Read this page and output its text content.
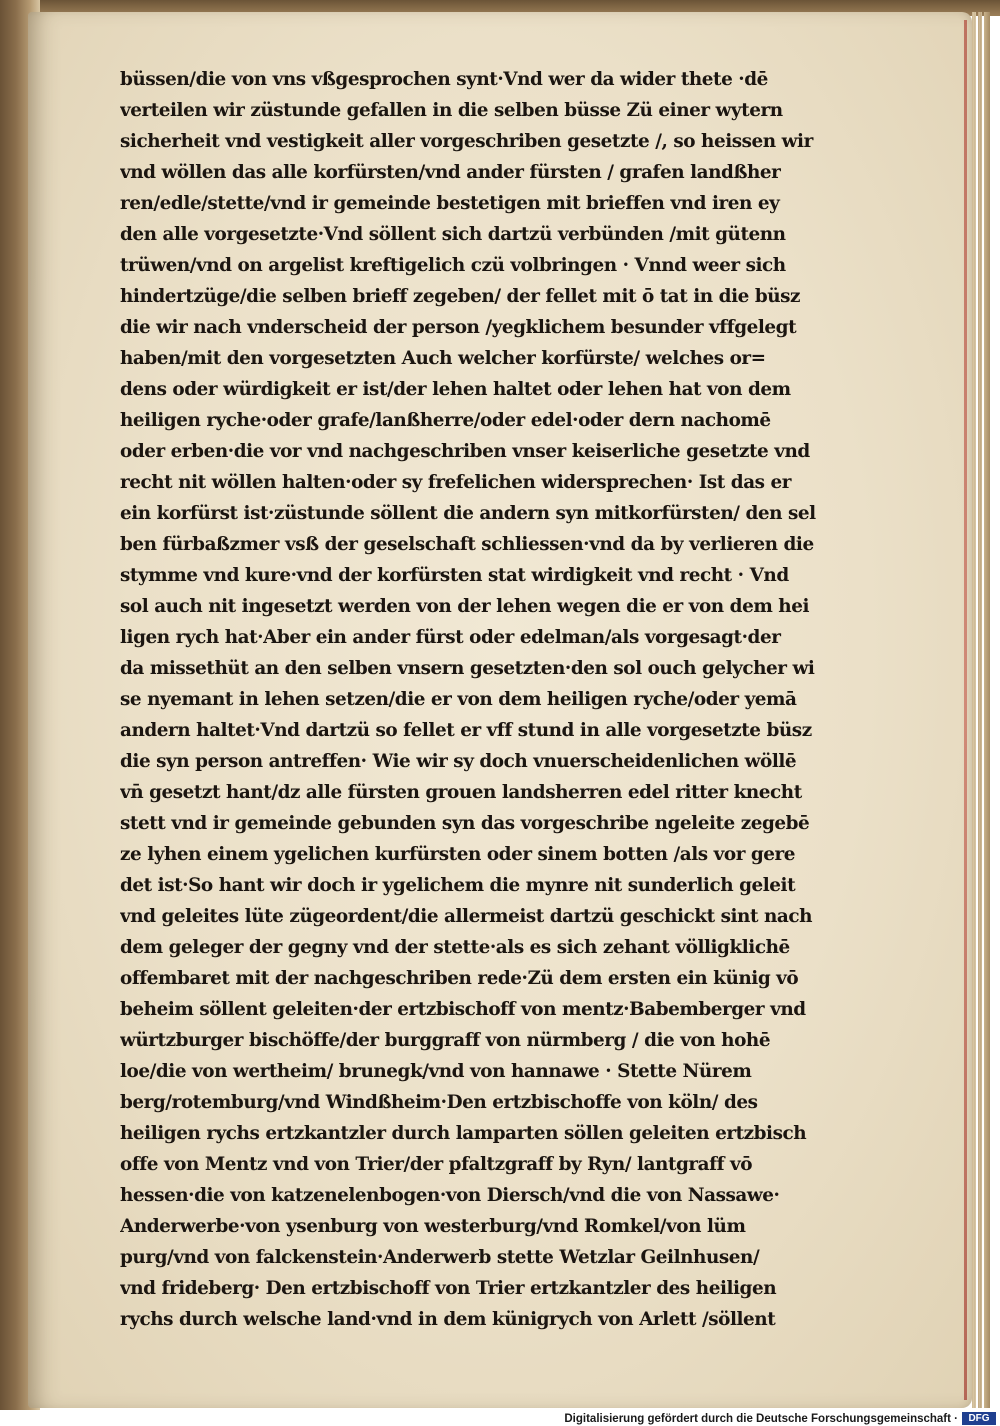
büssen/die von vns vßgesprochen synt·Vnd wer da wider thete ·dē
verteilen wir züstunde gefallen in die selben büsse Zü einer wytern
sicherheit vnd vestigkeit aller vorgeschriben gesetzte /, so heissen wir
vnd wöllen das alle korfürsten/vnd ander fürsten / grafen landßher
ren/edle/stette/vnd ir gemeinde bestetigen mit brieffen vnd iren ey
den alle vorgesetzte·Vnd söllent sich dartzü verbünden /mit gütenn
trüwen/vnd on argelist kreftigelich czü volbringen · Vnnd weer sich
hindertzüge/die selben brieff zegeben/ der fellet mit ō tat in die büsz
die wir nach vnderscheid der person /yegklichem besunder vffgelegt
haben/mit den vorgesetzten Auch welcher korfürste/ welches or=
dens oder würdigkeit er ist/der lehen haltet oder lehen hat von dem
heiligen ryche·oder grafe/lanßherre/oder edel·oder dern nachomē
oder erben·die vor vnd nachgeschriben vnser keiserliche gesetzte vnd
recht nit wöllen halten·oder sy frefelichen widersprechen· Ist das er
ein korfürst ist·züstunde söllent die andern syn mitkorfürsten/ den sel
ben fürbaßzmer vsß der geselschaft schliessen·vnd da by verlieren die
stymme vnd kure·vnd der korfürsten stat wirdigkeit vnd recht · Vnd
sol auch nit ingesetzt werden von der lehen wegen die er von dem hei
ligen rych hat·Aber ein ander fürst oder edelman/als vorgesagt·der
da missethüt an den selben vnsern gesetzten·den sol ouch gelycher wi
se nyemant in lehen setzen/die er von dem heiligen ryche/oder yemā
andern haltet·Vnd dartzü so fellet er vff stund in alle vorgesetzte büsz
die syn person antreffen· Wie wir sy doch vnuerscheidenlichen wöllē
vn̄ gesetzt hant/dz alle fürsten grouen landsherren edel ritter knecht
stett vnd ir gemeinde gebunden syn das vorgeschribe ngeleite zegebē
ze lyhen einem ygelichen kurfürsten oder sinem botten /als vor gere
det ist·So hant wir doch ir ygelichem die mynre nit sunderlich geleit
vnd geleites lüte zügeordent/die allermeist dartzü geschickt sint nach
dem geleger der gegny vnd der stette·als es sich zehant völligklichē
offembaret mit der nachgeschriben rede·Zü dem ersten ein künig vō
beheim söllent geleiten·der ertzbischoff von mentz·Babemberger vnd
würtzburger bischöffe/der burggraff von nürmberg / die von hohē
loe/die von wertheim/ brunegk/vnd von hannawe · Stette Nürem
berg/rotemburg/vnd Windßheim·Den ertzbischoffe von köln/ des
heiligen rychs ertzkantzler durch lamparten söllen geleiten ertzbisch
offe von Mentz vnd von Trier/der pfaltzgraff by Ryn/ lantgraff vō
hessen·die von katzenelenbogen·von Diersch/vnd die von Nassawe·
Anderwerbe·von ysenburg von westerburg/vnd Romkel/von lüm
purg/vnd von falckenstein·Anderwerb stette Wetzlar Geilnhusen/
vnd frideberg· Den ertzbischoff von Trier ertzkantzler des heiligen
rychs durch welsche land·vnd in dem künigrych von Arlett /söllent
Digitalisierung gefördert durch die Deutsche Forschungsgemeinschaft ·	DFG
